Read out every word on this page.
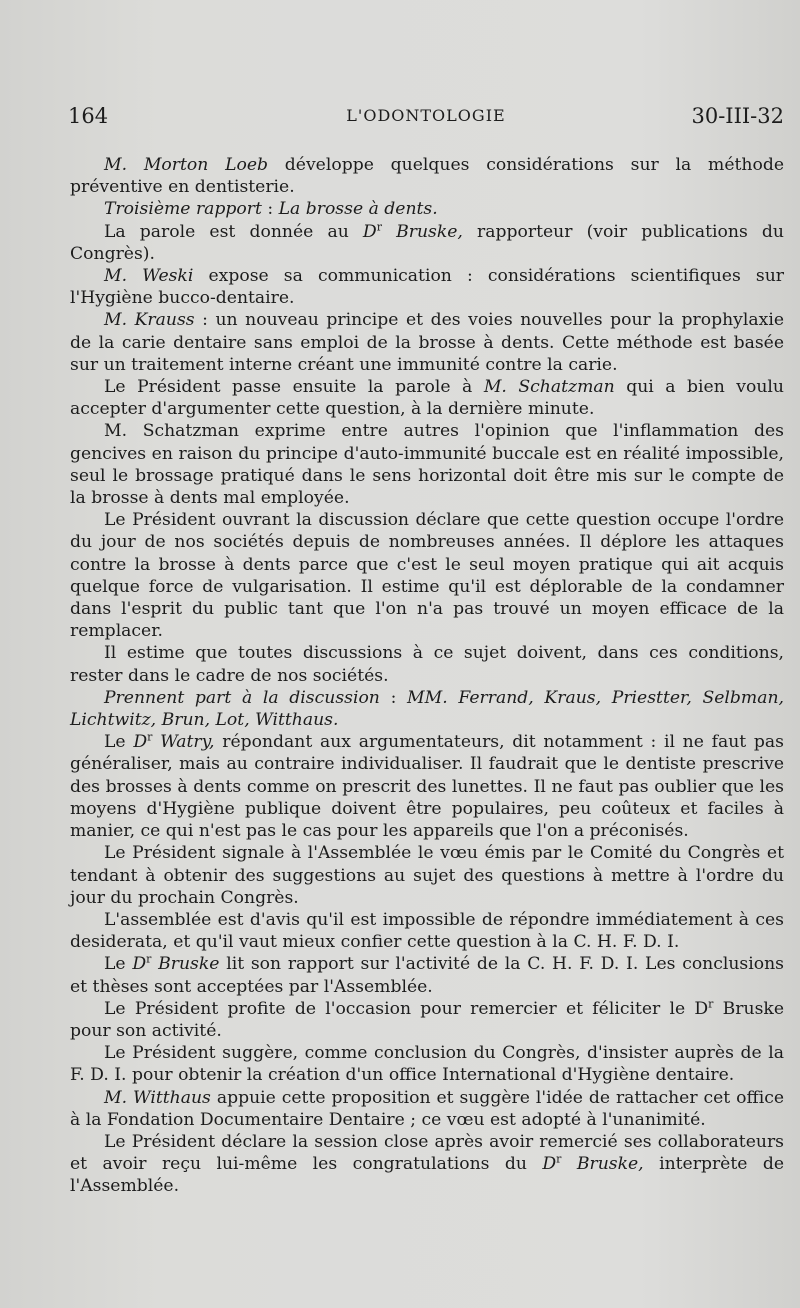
164	L'ODONTOLOGIE	30-III-32

M. Morton Loeb développe quelques considérations sur la méthode préventive en dentisterie.

Troisième rapport : La brosse à dents.

La parole est donnée au $D^r$ Bruske, rapporteur (voir publications du Congrès).

M. Weski expose sa communication : considérations scientifiques sur l'Hygiène bucco-dentaire.

M. Krauss : un nouveau principe et des voies nouvelles pour la prophylaxie de la carie dentaire sans emploi de la brosse à dents. Cette méthode est basée sur un traitement interne créant une immunité contre la carie.

Le Président passe ensuite la parole à M. Schatzman qui a bien voulu accepter d'argumenter cette question, à la dernière minute.

M. Schatzman exprime entre autres l'opinion que l'inflammation des gencives en raison du principe d'auto-immunité buccale est en réalité impossible, seul le brossage pratiqué dans le sens horizontal doit être mis sur le compte de la brosse à dents mal employée.

Le Président ouvrant la discussion déclare que cette question occupe l'ordre du jour de nos sociétés depuis de nombreuses années. Il déplore les attaques contre la brosse à dents parce que c'est le seul moyen pratique qui ait acquis quelque force de vulgarisation. Il estime qu'il est déplorable de la condamner dans l'esprit du public tant que l'on n'a pas trouvé un moyen efficace de la remplacer.

Il estime que toutes discussions à ce sujet doivent, dans ces conditions, rester dans le cadre de nos sociétés.

Prennent part à la discussion : MM. Ferrand, Kraus, Priestter, Selbman, Lichtwitz, Brun, Lot, Witthaus.

Le $D^r$ Watry, répondant aux argumentateurs, dit notamment : il ne faut pas généraliser, mais au contraire individualiser. Il faudrait que le dentiste prescrive des brosses à dents comme on prescrit des lunettes. Il ne faut pas oublier que les moyens d'Hygiène publique doivent être populaires, peu coûteux et faciles à manier, ce qui n'est pas le cas pour les appareils que l'on a préconisés.

Le Président signale à l'Assemblée le vœu émis par le Comité du Congrès et tendant à obtenir des suggestions au sujet des questions à mettre à l'ordre du jour du prochain Congrès.

L'assemblée est d'avis qu'il est impossible de répondre immédiatement à ces desiderata, et qu'il vaut mieux confier cette question à la C. H. F. D. I.

Le $D^r$ Bruske lit son rapport sur l'activité de la C. H. F. D. I. Les conclusions et thèses sont acceptées par l'Assemblée.

Le Président profite de l'occasion pour remercier et féliciter le $D^r$ Bruske pour son activité.

Le Président suggère, comme conclusion du Congrès, d'insister auprès de la F. D. I. pour obtenir la création d'un office International d'Hygiène dentaire.

M. Witthaus appuie cette proposition et suggère l'idée de rattacher cet office à la Fondation Documentaire Dentaire ; ce vœu est adopté à l'unanimité.

Le Président déclare la session close après avoir remercié ses collaborateurs et avoir reçu lui-même les congratulations du $D^r$ Bruske, interprète de l'Assemblée.
